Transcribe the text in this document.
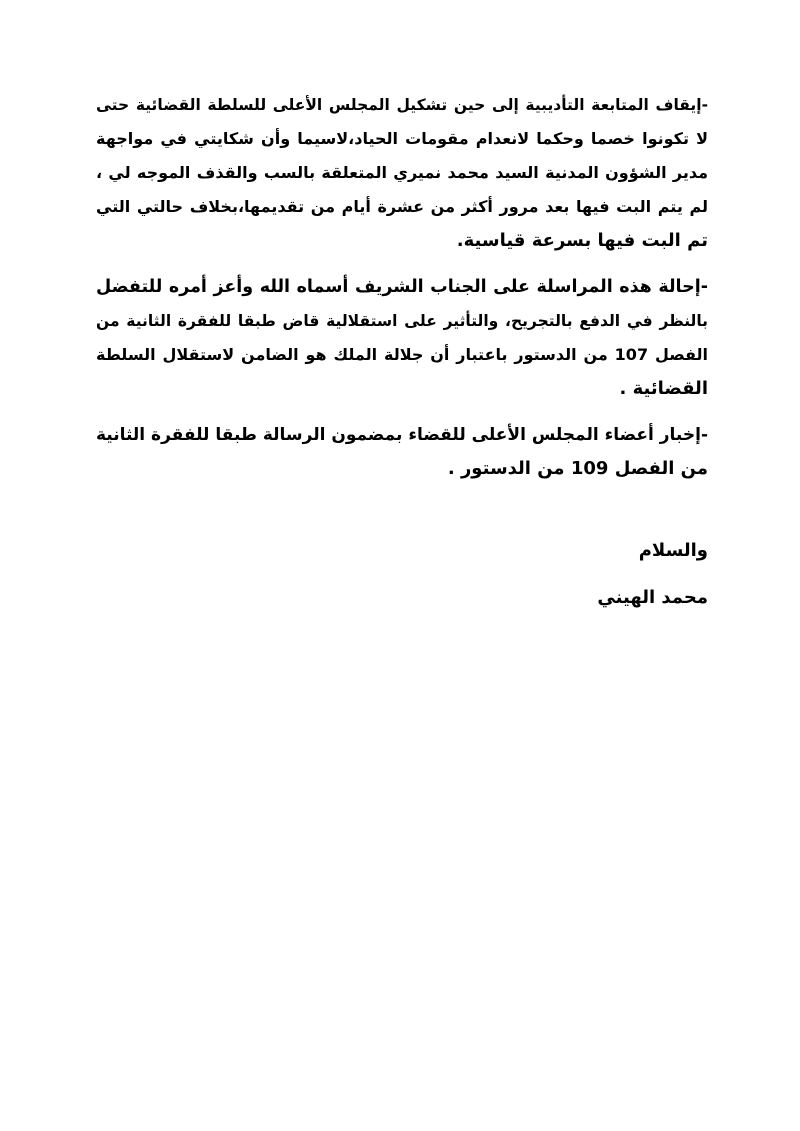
-إيقاف المتابعة التأديبية إلى حين تشكيل المجلس الأعلى للسلطة القضائية حتى
لا تكونوا خصما وحكما لانعدام مقومات الحياد،لاسيما وأن شكايتي في مواجهة
مدير الشؤون المدنية السيد محمد نميري المتعلقة بالسب والقذف الموجه لي ،
لم يتم البت فيها بعد مرور أكثر من عشرة أيام من تقديمها،بخلاف حالتي التي
تم البت فيها بسرعة قياسية.

-إحالة هذه المراسلة على الجناب الشريف أسماه الله وأعز أمره للتفضل
بالنظر في الدفع بالتجريح، والتأثير على استقلالية قاض طبقا للفقرة الثانية من
الفصل 107 من الدستور باعتبار أن جلالة الملك هو الضامن لاستقلال السلطة
القضائية .

-إخبار أعضاء المجلس الأعلى للقضاء بمضمون الرسالة طبقا للفقرة الثانية
من الفصل 109 من الدستور .

والسلام
محمد الهيني
